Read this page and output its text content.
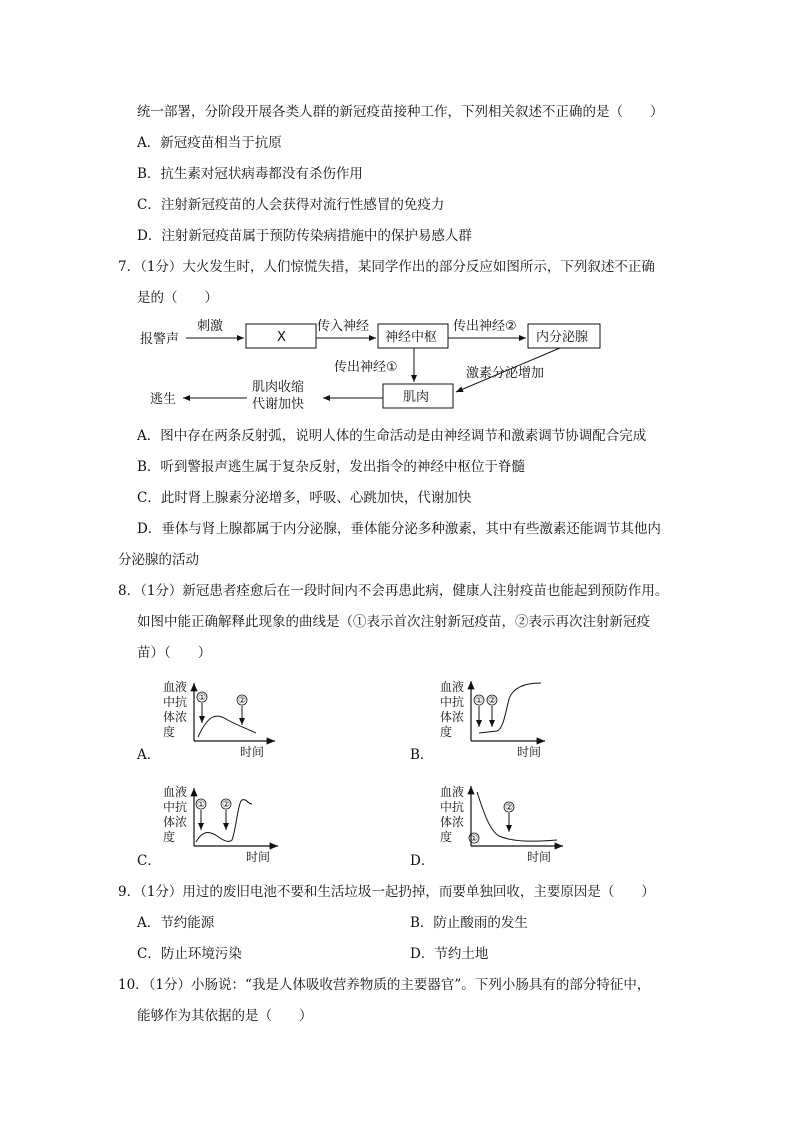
统一部署，分阶段开展各类人群的新冠疫苗接种工作，下列相关叙述不正确的是（　　）
A．新冠疫苗相当于抗原
B．抗生素对冠状病毒都没有杀伤作用
C．注射新冠疫苗的人会获得对流行性感冒的免疫力
D．注射新冠疫苗属于预防传染病措施中的保护易感人群
7．（1分）大火发生时，人们惊慌失措，某同学作出的部分反应如图所示，下列叙述不正确
是的（　　）
报警声
刺激
X
传入神经
神经中枢
传出神经②
内分泌腺
传出神经①	激素分泌增加
肌肉
肌肉收缩
代谢加快
逃生
A．图中存在两条反射弧，说明人体的生命活动是由神经调节和激素调节协调配合完成
B．听到警报声逃生属于复杂反射，发出指令的神经中枢位于脊髓
C．此时肾上腺素分泌增多，呼吸、心跳加快，代谢加快
D．垂体与肾上腺都属于内分泌腺，垂体能分泌多种激素，其中有些激素还能调节其他内
分泌腺的活动
8．（1分）新冠患者痊愈后在一段时间内不会再患此病，健康人注射疫苗也能起到预防作用。
如图中能正确解释此现象的曲线是（①表示首次注射新冠疫苗，②表示再次注射新冠疫
苗）（　　）
A．
血液
中抗
体浓
度
①	②
时间	B．
血液
中抗
体浓
度
① ②
时间
C．
血液
中抗
体浓
度
① ②
时间	D．
血液
中抗
体浓
度 ①
②
时间
9．（1分）用过的废旧电池不要和生活垃圾一起扔掉，而要单独回收，主要原因是（　　）
A．节约能源	B．防止酸雨的发生
C．防止环境污染	D．节约土地
10．（1分）小肠说：“我是人体吸收营养物质的主要器官”。下列小肠具有的部分特征中，
能够作为其依据的是（　　）
